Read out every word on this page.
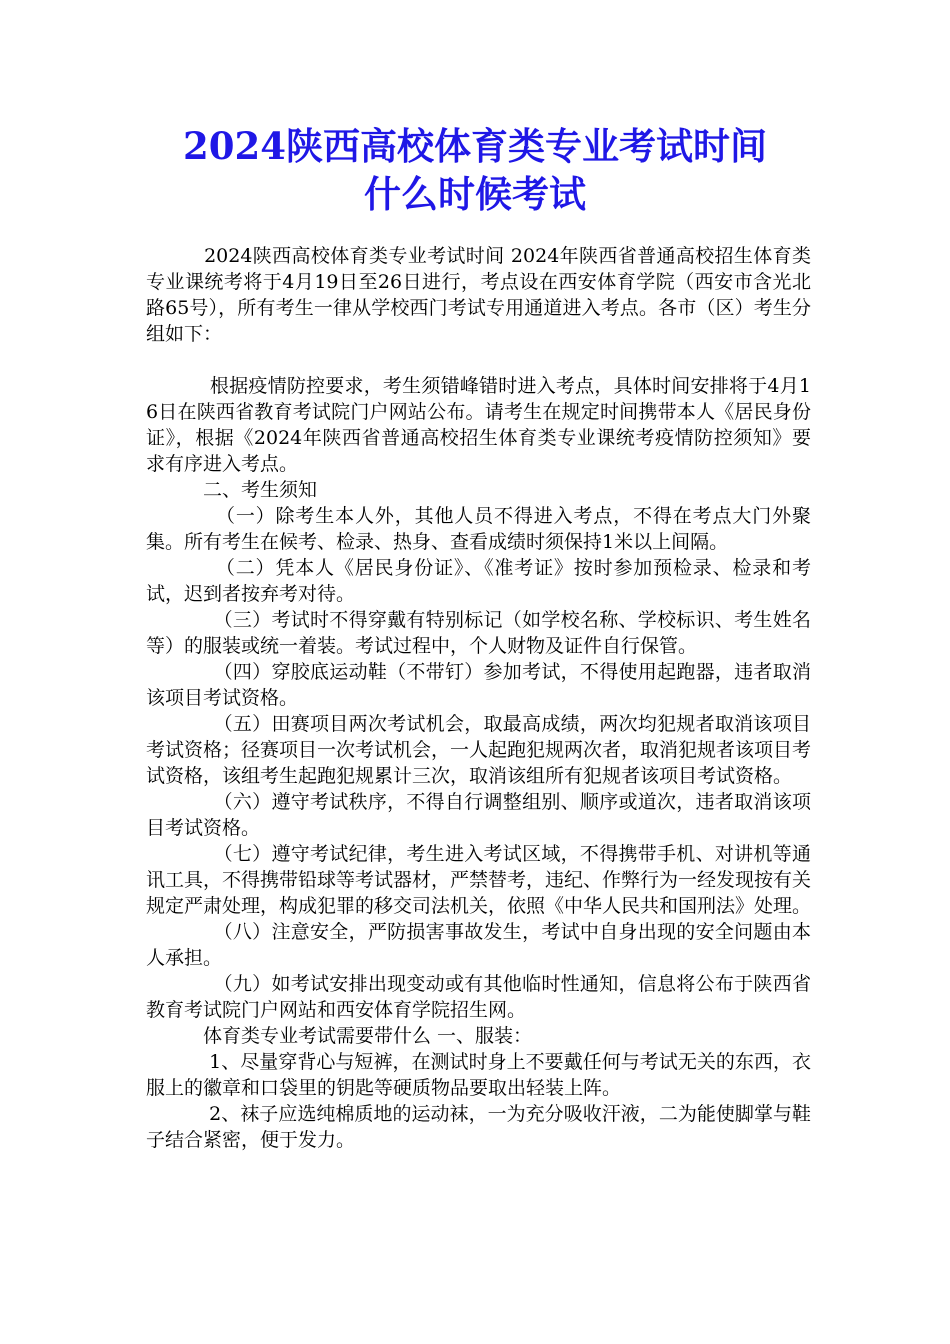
2024陕西高校体育类专业考试时间
什么时候考试

　　　2024陕西高校体育类专业考试时间 2024年陕西省普通高校招生体育类专业课统考将于4月19日至26日进行，考点设在西安体育学院（西安市含光北路65号），所有考生一律从学校西门考试专用通道进入考点。各市（区）考生分组如下：

　　　 根据疫情防控要求，考生须错峰错时进入考点，具体时间安排将于4月16日在陕西省教育考试院门户网站公布。请考生在规定时间携带本人《居民身份证》，根据《2024年陕西省普通高校招生体育类专业课统考疫情防控须知》要求有序进入考点。

　　　二、考生须知

　　　　（一）除考生本人外，其他人员不得进入考点，不得在考点大门外聚集。所有考生在候考、检录、热身、查看成绩时须保持1米以上间隔。

　　　　（二）凭本人《居民身份证》、《准考证》按时参加预检录、检录和考试，迟到者按弃考对待。

　　　　（三）考试时不得穿戴有特别标记（如学校名称、学校标识、考生姓名等）的服装或统一着装。考试过程中，个人财物及证件自行保管。

　　　　（四）穿胶底运动鞋（不带钉）参加考试，不得使用起跑器，违者取消该项目考试资格。

　　　　（五）田赛项目两次考试机会，取最高成绩，两次均犯规者取消该项目考试资格；径赛项目一次考试机会，一人起跑犯规两次者，取消犯规者该项目考试资格，该组考生起跑犯规累计三次，取消该组所有犯规者该项目考试资格。

　　　　（六）遵守考试秩序，不得自行调整组别、顺序或道次，违者取消该项目考试资格。

　　　　（七）遵守考试纪律，考生进入考试区域，不得携带手机、对讲机等通讯工具，不得携带铅球等考试器材，严禁替考，违纪、作弊行为一经发现按有关规定严肃处理，构成犯罪的移交司法机关，依照《中华人民共和国刑法》处理。

　　　　（八）注意安全，严防损害事故发生，考试中自身出现的安全问题由本人承担。

　　　　（九）如考试安排出现变动或有其他临时性通知，信息将公布于陕西省教育考试院门户网站和西安体育学院招生网。

　　　体育类专业考试需要带什么 一、服装：

　　　 1、尽量穿背心与短裤，在测试时身上不要戴任何与考试无关的东西，衣服上的徽章和口袋里的钥匙等硬质物品要取出轻装上阵。

　　　 2、袜子应选纯棉质地的运动袜，一为充分吸收汗液，二为能使脚掌与鞋子结合紧密，便于发力。
